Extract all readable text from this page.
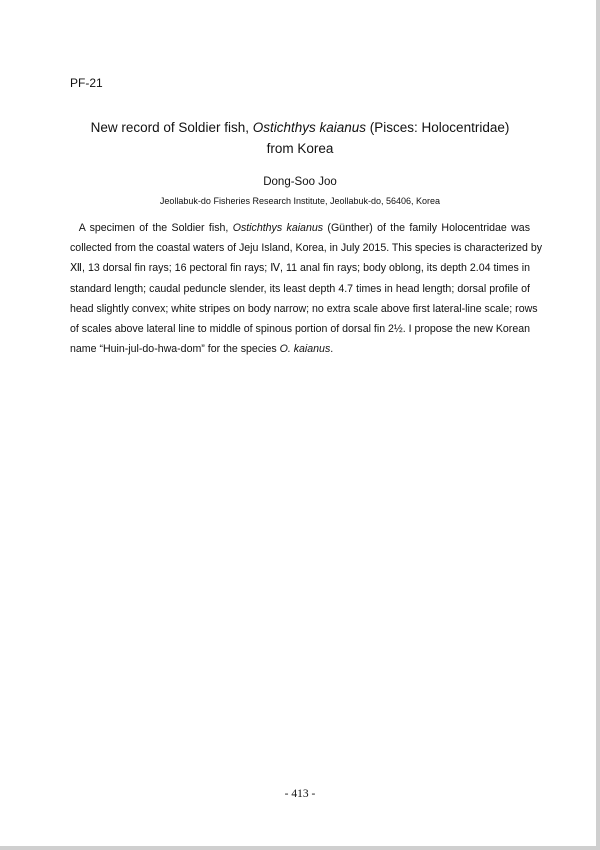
PF-21
New record of Soldier fish, Ostichthys kaianus (Pisces: Holocentridae)
from Korea
Dong-Soo Joo
Jeollabuk-do Fisheries Research Institute, Jeollabuk-do, 56406, Korea
A specimen of the Soldier fish, Ostichthys kaianus (Günther) of the family Holocentridae was
collected from the coastal waters of Jeju Island, Korea, in July 2015. This species is characterized by
Ⅻ, 13 dorsal fin rays; 16 pectoral fin rays; Ⅳ, 11 anal fin rays; body oblong, its depth 2.04 times in
standard length; caudal peduncle slender, its least depth 4.7 times in head length; dorsal profile of
head slightly convex; white stripes on body narrow; no extra scale above first lateral-line scale; rows
of scales above lateral line to middle of spinous portion of dorsal fin 2½. I propose the new Korean
name “Huin-jul-do-hwa-dom” for the species O. kaianus.
- 413 -
